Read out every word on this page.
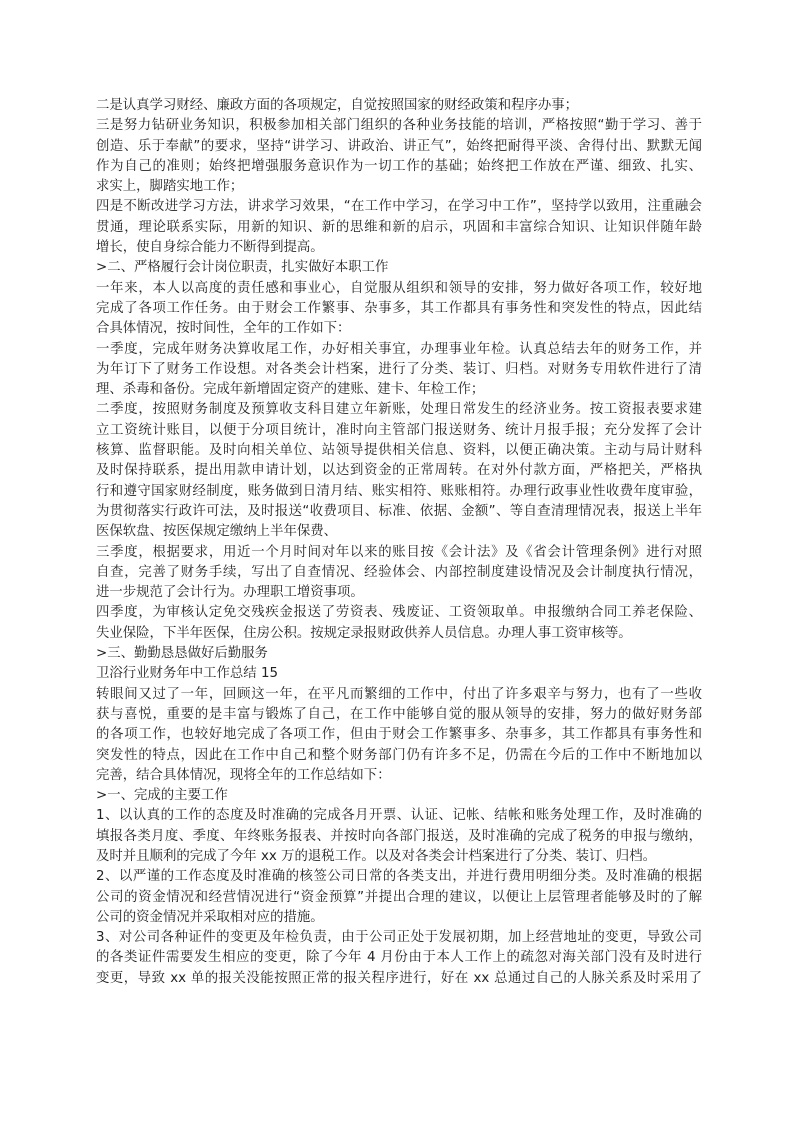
二是认真学习财经、廉政方面的各项规定，自觉按照国家的财经政策和程序办事；
三是努力钻研业务知识，积极参加相关部门组织的各种业务技能的培训，严格按照“勤于学习、善于
创造、乐于奉献”的要求，坚持“讲学习、讲政治、讲正气”，始终把耐得平淡、舍得付出、默默无闻
作为自己的准则；始终把增强服务意识作为一切工作的基础；始终把工作放在严谨、细致、扎实、
求实上，脚踏实地工作；
四是不断改进学习方法，讲求学习效果，“在工作中学习，在学习中工作”，坚持学以致用，注重融会
贯通，理论联系实际，用新的知识、新的思维和新的启示，巩固和丰富综合知识、让知识伴随年龄
增长，使自身综合能力不断得到提高。
>二、严格履行会计岗位职责，扎实做好本职工作
一年来，本人以高度的责任感和事业心，自觉服从组织和领导的安排，努力做好各项工作，较好地
完成了各项工作任务。由于财会工作繁事、杂事多，其工作都具有事务性和突发性的特点，因此结
合具体情况，按时间性，全年的工作如下：
一季度，完成年财务决算收尾工作，办好相关事宜，办理事业年检。认真总结去年的财务工作，并
为年订下了财务工作设想。对各类会计档案，进行了分类、装订、归档。对财务专用软件进行了清
理、杀毒和备份。完成年新增固定资产的建账、建卡、年检工作；
二季度，按照财务制度及预算收支科目建立年新账，处理日常发生的经济业务。按工资报表要求建
立工资统计账目，以便于分项目统计，准时向主管部门报送财务、统计月报手报；充分发挥了会计
核算、监督职能。及时向相关单位、站领导提供相关信息、资料，以便正确决策。主动与局计财科
及时保持联系，提出用款申请计划，以达到资金的正常周转。在对外付款方面，严格把关，严格执
行和遵守国家财经制度，账务做到日清月结、账实相符、账账相符。办理行政事业性收费年度审验，
为贯彻落实行政许可法，及时报送“收费项目、标准、依据、金额”、等自查清理情况表，报送上半年
医保软盘、按医保规定缴纳上半年保费、
三季度，根据要求，用近一个月时间对年以来的账目按《会计法》及《省会计管理条例》进行对照
自查，完善了财务手续，写出了自查情况、经验体会、内部控制度建设情况及会计制度执行情况，
进一步规范了会计行为。办理职工增资事项。
四季度，为审核认定免交残疾金报送了劳资表、残废证、工资领取单。申报缴纳合同工养老保险、
失业保险，下半年医保，住房公积。按规定录报财政供养人员信息。办理人事工资审核等。
>三、勤勤恳恳做好后勤服务
卫浴行业财务年中工作总结 15
转眼间又过了一年，回顾这一年，在平凡而繁细的工作中，付出了许多艰辛与努力，也有了一些收
获与喜悦，重要的是丰富与锻炼了自己，在工作中能够自觉的服从领导的安排，努力的做好财务部
的各项工作，也较好地完成了各项工作，但由于财会工作繁事多、杂事多，其工作都具有事务性和
突发性的特点，因此在工作中自己和整个财务部门仍有许多不足，仍需在今后的工作中不断地加以
完善，结合具体情况，现将全年的工作总结如下：
>一、完成的主要工作
1、以认真的工作的态度及时准确的完成各月开票、认证、记帐、结帐和账务处理工作，及时准确的
填报各类月度、季度、年终账务报表、并按时向各部门报送，及时准确的完成了税务的申报与缴纳，
及时并且顺利的完成了今年 xx 万的退税工作。以及对各类会计档案进行了分类、装订、归档。
2、以严谨的工作态度及时准确的核签公司日常的各类支出，并进行费用明细分类。及时准确的根据
公司的资金情况和经营情况进行“资金预算”并提出合理的建议，以便让上层管理者能够及时的了解
公司的资金情况并采取相对应的措施。
3、对公司各种证件的变更及年检负责，由于公司正处于发展初期，加上经营地址的变更，导致公司
的各类证件需要发生相应的变更，除了今年 4 月份由于本人工作上的疏忽对海关部门没有及时进行
变更，导致 xx 单的报关没能按照正常的报关程序进行，好在 xx 总通过自己的人脉关系及时采用了
